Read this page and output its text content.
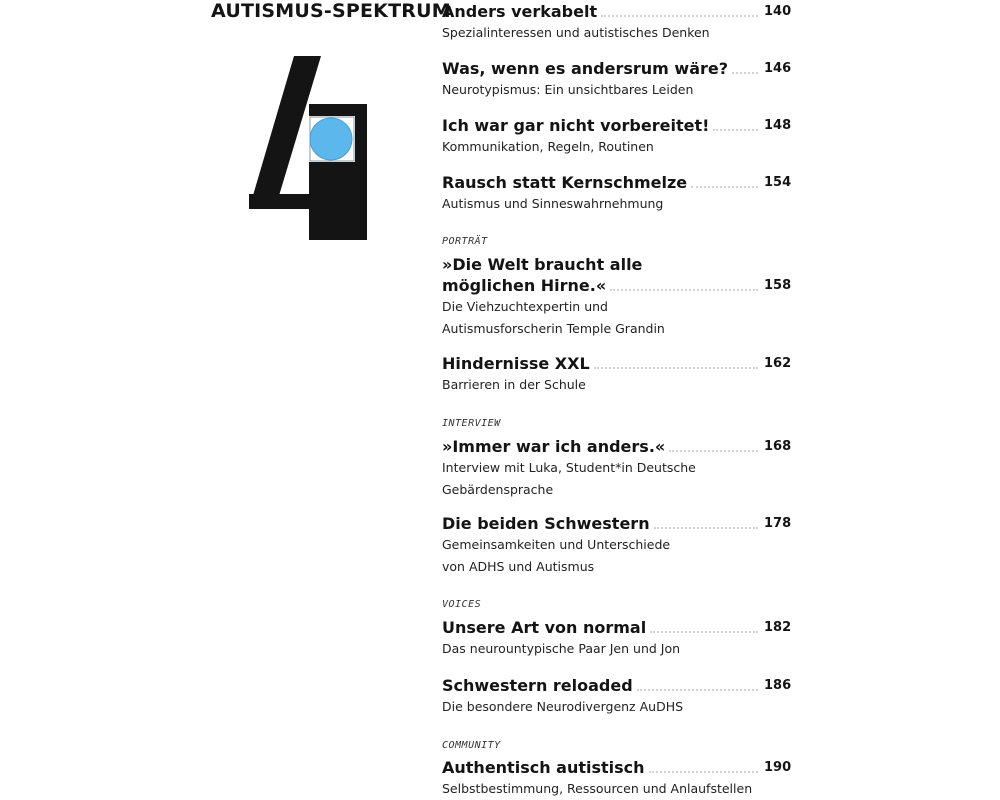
AUTISMUS-SPEKTRUM
Anders verkabelt	140
Spezialinteressen und autistisches Denken
Was, wenn es andersrum wäre?	146
Neurotypismus: Ein unsichtbares Leiden
Ich war gar nicht vorbereitet!	148
Kommunikation, Regeln, Routinen
Rausch statt Kernschmelze	154
Autismus und Sinneswahrnehmung
PORTRÄT
»Die Welt braucht alle
möglichen Hirne.«	158
Die Viehzuchtexpertin und
Autismusforscherin Temple Grandin
Hindernisse XXL	162
Barrieren in der Schule
INTERVIEW
»Immer war ich anders.«	168
Interview mit Luka, Student*in Deutsche
Gebärdensprache
Die beiden Schwestern	178
Gemeinsamkeiten und Unterschiede
von ADHS und Autismus
VOICES
Unsere Art von normal	182
Das neurountypische Paar Jen und Jon
Schwestern reloaded	186
Die besondere Neurodivergenz AuDHS
COMMUNITY
Authentisch autistisch	190
Selbstbestimmung, Ressourcen und Anlaufstellen
